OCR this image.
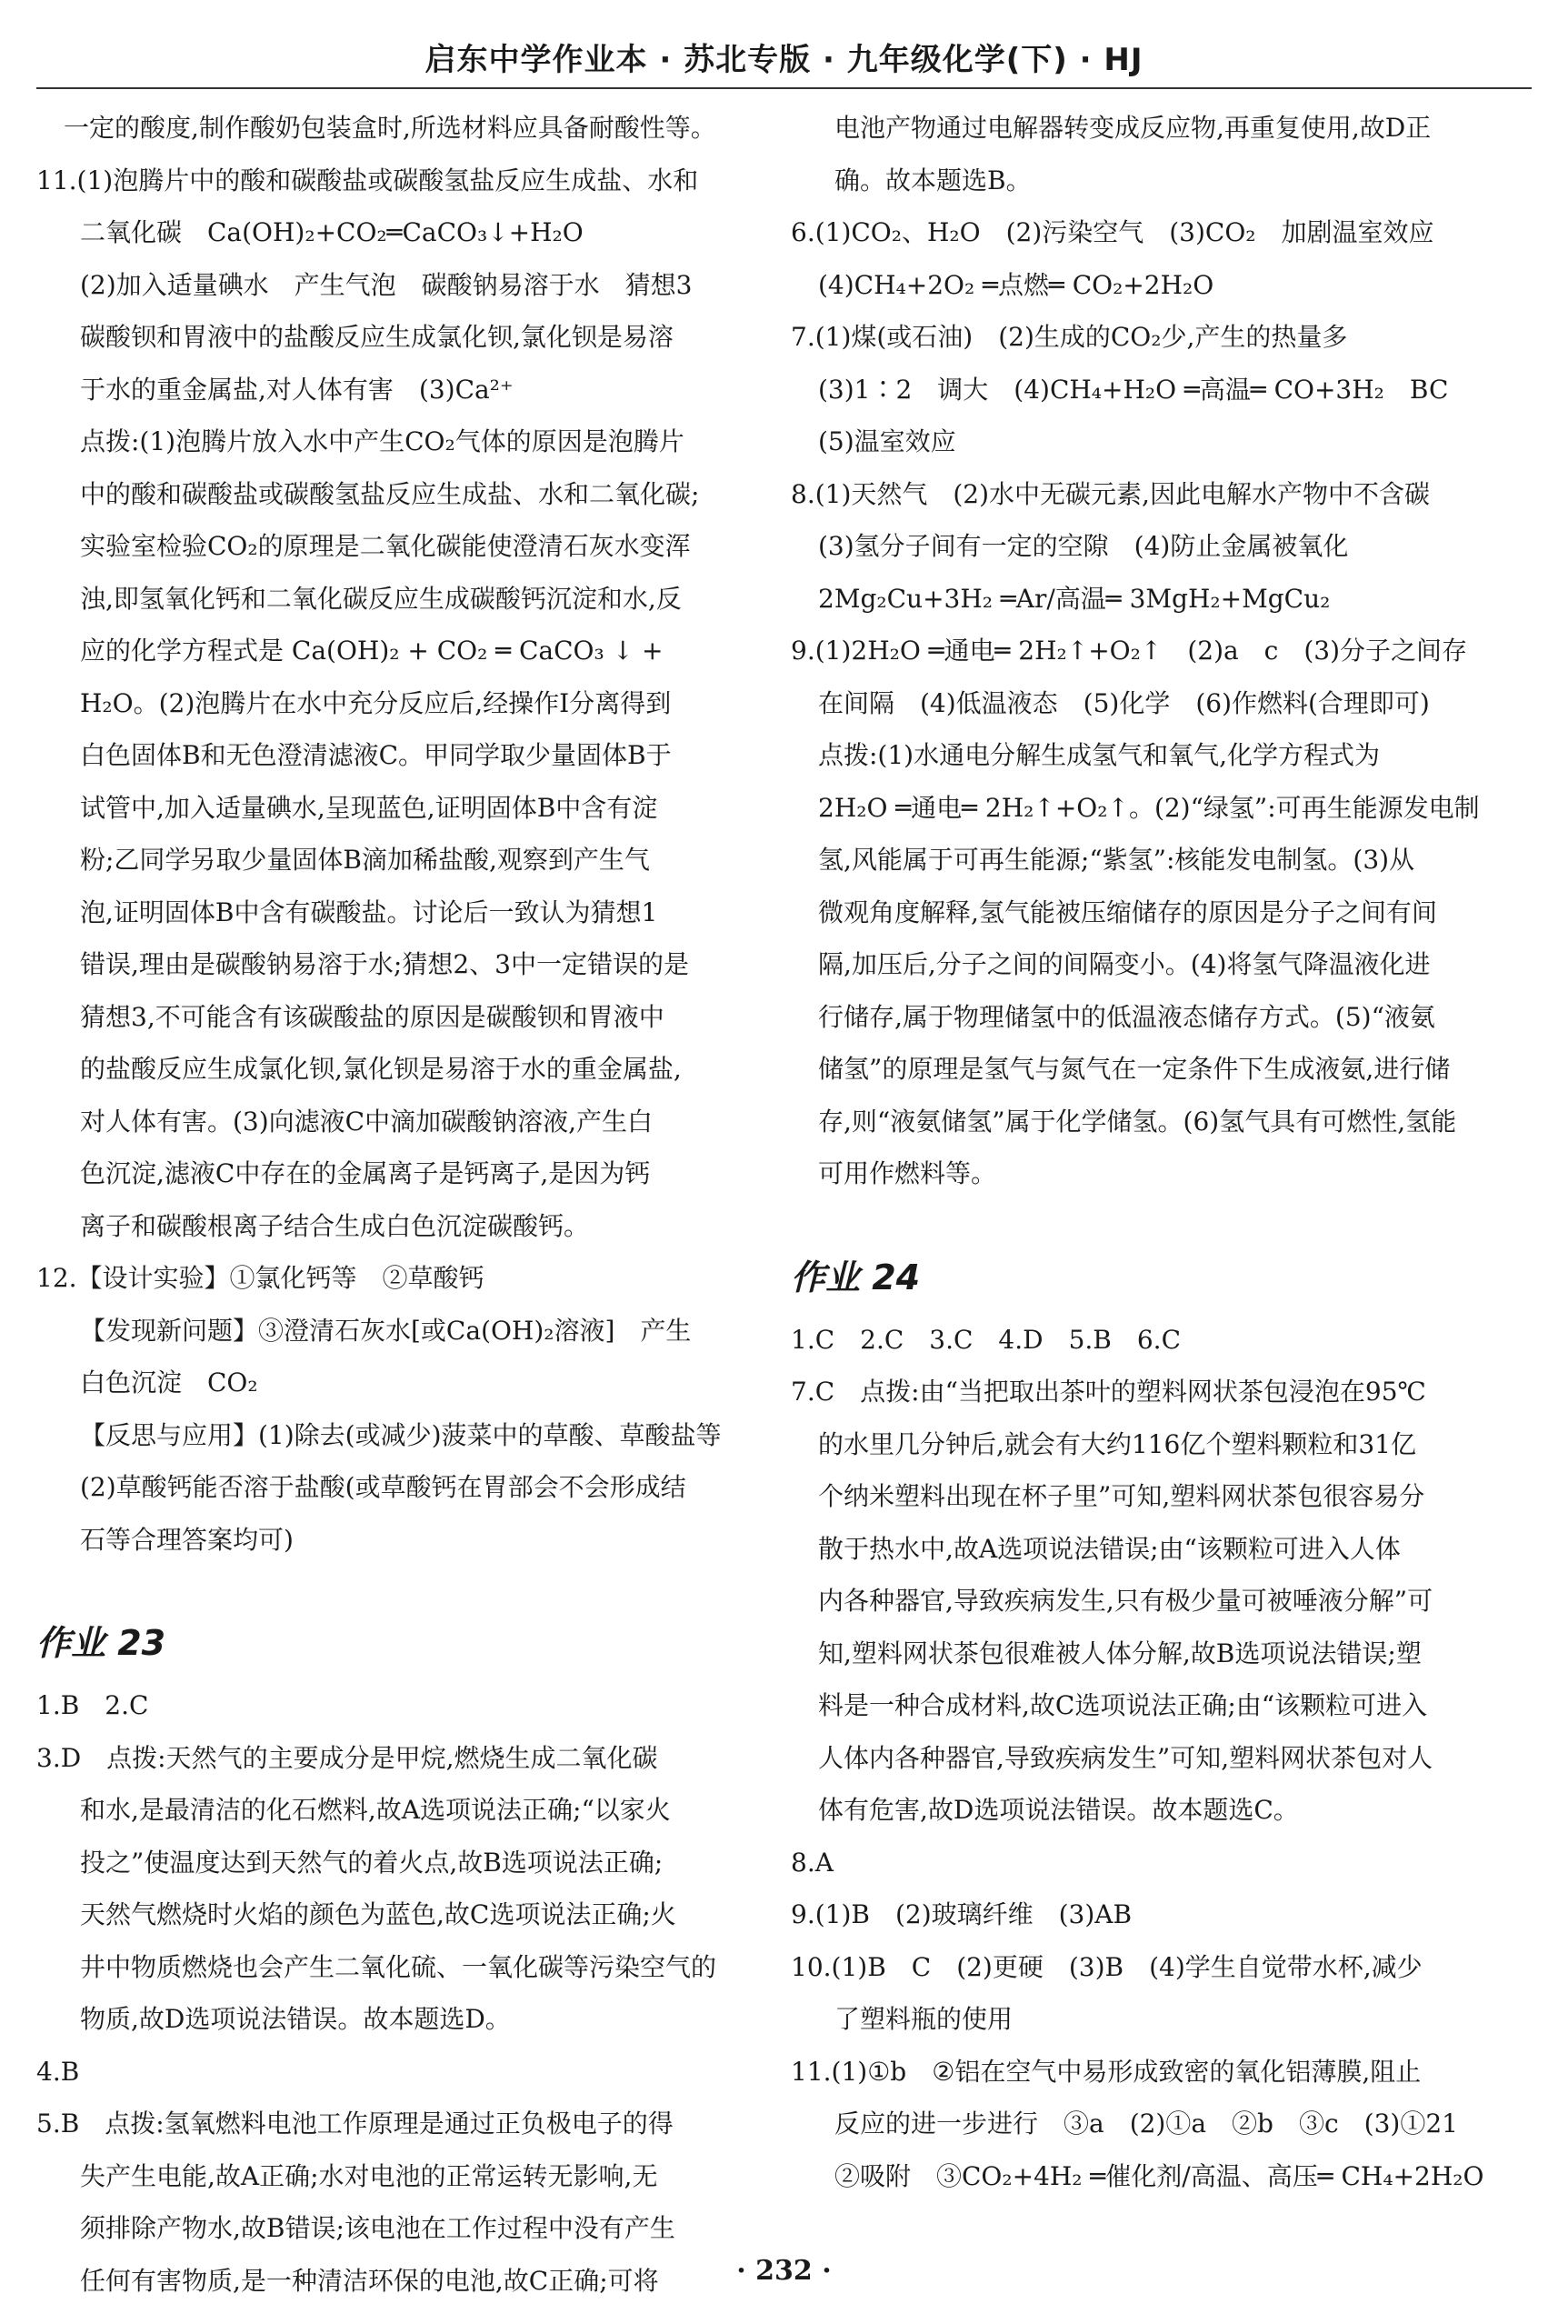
启东中学作业本 · 苏北专版 · 九年级化学(下) · HJ
一定的酸度,制作酸奶包装盒时,所选材料应具备耐酸性等。
11.(1)泡腾片中的酸和碳酸盐或碳酸氢盐反应生成盐、水和
二氧化碳　Ca(OH)₂+CO₂═CaCO₃↓+H₂O
(2)加入适量碘水　产生气泡　碳酸钠易溶于水　猜想3
碳酸钡和胃液中的盐酸反应生成氯化钡,氯化钡是易溶
于水的重金属盐,对人体有害　(3)Ca²⁺
点拨:(1)泡腾片放入水中产生CO₂气体的原因是泡腾片
中的酸和碳酸盐或碳酸氢盐反应生成盐、水和二氧化碳;
实验室检验CO₂的原理是二氧化碳能使澄清石灰水变浑
浊,即氢氧化钙和二氧化碳反应生成碳酸钙沉淀和水,反
应的化学方程式是 Ca(OH)₂ + CO₂ ═ CaCO₃ ↓ +
H₂O。(2)泡腾片在水中充分反应后,经操作Ⅰ分离得到
白色固体B和无色澄清滤液C。甲同学取少量固体B于
试管中,加入适量碘水,呈现蓝色,证明固体B中含有淀
粉;乙同学另取少量固体B滴加稀盐酸,观察到产生气
泡,证明固体B中含有碳酸盐。讨论后一致认为猜想1
错误,理由是碳酸钠易溶于水;猜想2、3中一定错误的是
猜想3,不可能含有该碳酸盐的原因是碳酸钡和胃液中
的盐酸反应生成氯化钡,氯化钡是易溶于水的重金属盐,
对人体有害。(3)向滤液C中滴加碳酸钠溶液,产生白
色沉淀,滤液C中存在的金属离子是钙离子,是因为钙
离子和碳酸根离子结合生成白色沉淀碳酸钙。
12.【设计实验】①氯化钙等　②草酸钙
【发现新问题】③澄清石灰水[或Ca(OH)₂溶液]　产生
白色沉淀　CO₂
【反思与应用】(1)除去(或减少)菠菜中的草酸、草酸盐等
(2)草酸钙能否溶于盐酸(或草酸钙在胃部会不会形成结
石等合理答案均可)
作业 23
1.B　2.C
3.D　点拨:天然气的主要成分是甲烷,燃烧生成二氧化碳
和水,是最清洁的化石燃料,故A选项说法正确;“以家火
投之”使温度达到天然气的着火点,故B选项说法正确;
天然气燃烧时火焰的颜色为蓝色,故C选项说法正确;火
井中物质燃烧也会产生二氧化硫、一氧化碳等污染空气的
物质,故D选项说法错误。故本题选D。
4.B
5.B　点拨:氢氧燃料电池工作原理是通过正负极电子的得
失产生电能,故A正确;水对电池的正常运转无影响,无
须排除产物水,故B错误;该电池在工作过程中没有产生
任何有害物质,是一种清洁环保的电池,故C正确;可将
电池产物通过电解器转变成反应物,再重复使用,故D正
确。故本题选B。
6.(1)CO₂、H₂O　(2)污染空气　(3)CO₂　加剧温室效应
(4)CH₄+2O₂ ═点燃═ CO₂+2H₂O
7.(1)煤(或石油)　(2)生成的CO₂少,产生的热量多
(3)1∶2　调大　(4)CH₄+H₂O ═高温═ CO+3H₂　BC
(5)温室效应
8.(1)天然气　(2)水中无碳元素,因此电解水产物中不含碳
(3)氢分子间有一定的空隙　(4)防止金属被氧化
2Mg₂Cu+3H₂ ═Ar/高温═ 3MgH₂+MgCu₂
9.(1)2H₂O ═通电═ 2H₂↑+O₂↑　(2)a　c　(3)分子之间存
在间隔　(4)低温液态　(5)化学　(6)作燃料(合理即可)
点拨:(1)水通电分解生成氢气和氧气,化学方程式为
2H₂O ═通电═ 2H₂↑+O₂↑。(2)“绿氢”:可再生能源发电制
氢,风能属于可再生能源;“紫氢”:核能发电制氢。(3)从
微观角度解释,氢气能被压缩储存的原因是分子之间有间
隔,加压后,分子之间的间隔变小。(4)将氢气降温液化进
行储存,属于物理储氢中的低温液态储存方式。(5)“液氨
储氢”的原理是氢气与氮气在一定条件下生成液氨,进行储
存,则“液氨储氢”属于化学储氢。(6)氢气具有可燃性,氢能
可用作燃料等。
作业 24
1.C　2.C　3.C　4.D　5.B　6.C
7.C　点拨:由“当把取出茶叶的塑料网状茶包浸泡在95℃
的水里几分钟后,就会有大约116亿个塑料颗粒和31亿
个纳米塑料出现在杯子里”可知,塑料网状茶包很容易分
散于热水中,故A选项说法错误;由“该颗粒可进入人体
内各种器官,导致疾病发生,只有极少量可被唾液分解”可
知,塑料网状茶包很难被人体分解,故B选项说法错误;塑
料是一种合成材料,故C选项说法正确;由“该颗粒可进入
人体内各种器官,导致疾病发生”可知,塑料网状茶包对人
体有危害,故D选项说法错误。故本题选C。
8.A
9.(1)B　(2)玻璃纤维　(3)AB
10.(1)B　C　(2)更硬　(3)B　(4)学生自觉带水杯,减少
了塑料瓶的使用
11.(1)①b　②铝在空气中易形成致密的氧化铝薄膜,阻止
反应的进一步进行　③a　(2)①a　②b　③c　(3)①21
②吸附　③CO₂+4H₂ ═催化剂/高温、高压═ CH₄+2H₂O
· 232 ·
